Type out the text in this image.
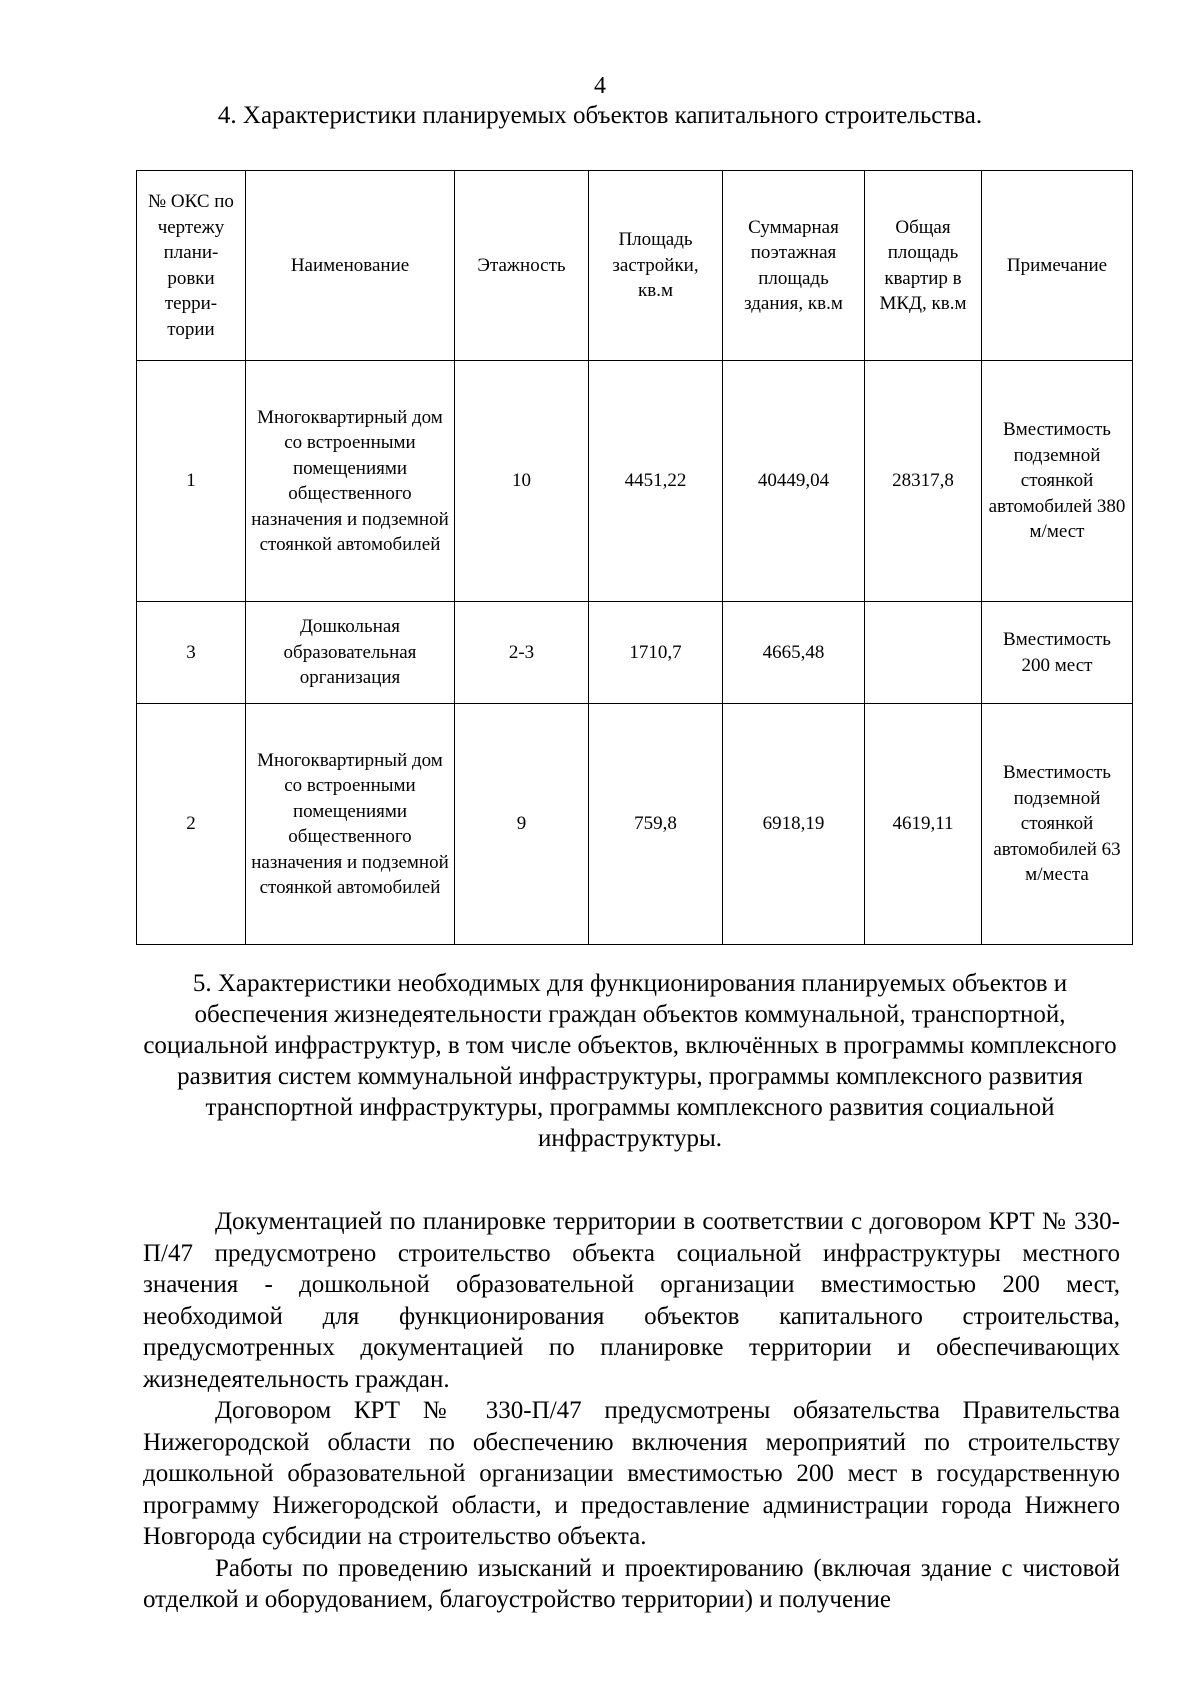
4
4. Характеристики планируемых объектов капитального строительства.
№ ОКС по чертежу плани-ровки терри-тории	Наименование	Этажность	Площадь застройки, кв.м	Суммарная поэтажная площадь здания, кв.м	Общая площадь квартир в МКД, кв.м	Примечание
1	Многоквартирный дом со встроенными помещениями общественного назначения и подземной стоянкой автомобилей	10	4451,22	40449,04	28317,8	Вместимость подземной стоянкой автомобилей 380 м/мест
3	Дошкольная образовательная организация	2-3	1710,7	4665,48		Вместимость 200 мест
2	Многоквартирный дом со встроенными помещениями общественного назначения и подземной стоянкой автомобилей	9	759,8	6918,19	4619,11	Вместимость подземной стоянкой автомобилей 63 м/места
5. Характеристики необходимых для функционирования планируемых объектов и обеспечения жизнедеятельности граждан объектов коммунальной, транспортной, социальной инфраструктур, в том числе объектов, включённых в программы комплексного развития систем коммунальной инфраструктуры, программы комплексного развития транспортной инфраструктуры, программы комплексного развития социальной инфраструктуры.

Документацией по планировке территории в соответствии с договором КРТ № 330-П/47 предусмотрено строительство объекта социальной инфраструктуры местного значения - дошкольной образовательной организации вместимостью 200 мест, необходимой для функционирования объектов капитального строительства, предусмотренных документацией по планировке территории и обеспечивающих жизнедеятельность граждан.

Договором КРТ № 330-П/47 предусмотрены обязательства Правительства Нижегородской области по обеспечению включения мероприятий по строительству дошкольной образовательной организации вместимостью 200 мест в государственную программу Нижегородской области, и предоставление администрации города Нижнего Новгорода субсидии на строительство объекта.

Работы по проведению изысканий и проектированию (включая здание с чистовой отделкой и оборудованием, благоустройство территории) и получение
